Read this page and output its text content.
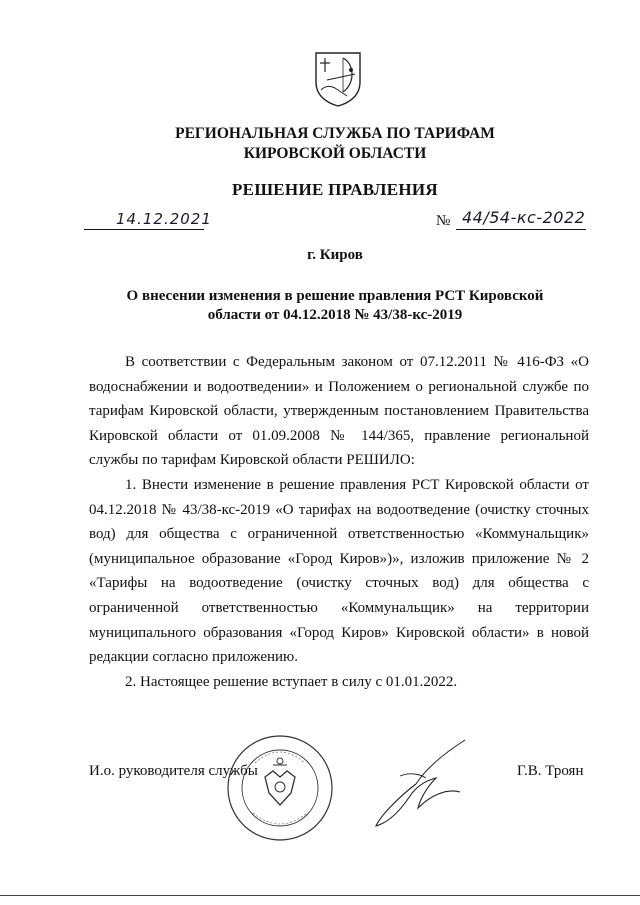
РЕГИОНАЛЬНАЯ СЛУЖБА ПО ТАРИФАМ
КИРОВСКОЙ ОБЛАСТИ
РЕШЕНИЕ ПРАВЛЕНИЯ
14.12.2021	№ 44/54-кс-2022
г. Киров
О внесении изменения в решение правления РСТ Кировской
области от 04.12.2018 № 43/38-кс-2019

В соответствии с Федеральным законом от 07.12.2011 № 416-ФЗ «О водоснабжении и водоотведении» и Положением о региональной службе по тарифам Кировской области, утвержденным постановлением Правительства Кировской области от 01.09.2008 № 144/365, правление региональной службы по тарифам Кировской области РЕШИЛО:

1. Внести изменение в решение правления РСТ Кировской области от 04.12.2018 № 43/38-кс-2019 «О тарифах на водоотведение (очистку сточных вод) для общества с ограниченной ответственностью «Коммунальщик» (муниципальное образование «Город Киров»)», изложив приложение № 2 «Тарифы на водоотведение (очистку сточных вод) для общества с ограниченной ответственностью «Коммунальщик» на территории муниципального образования «Город Киров» Кировской области» в новой редакции согласно приложению.

2. Настоящее решение вступает в силу с 01.01.2022.

И.о. руководителя службы	Г.В. Троян
